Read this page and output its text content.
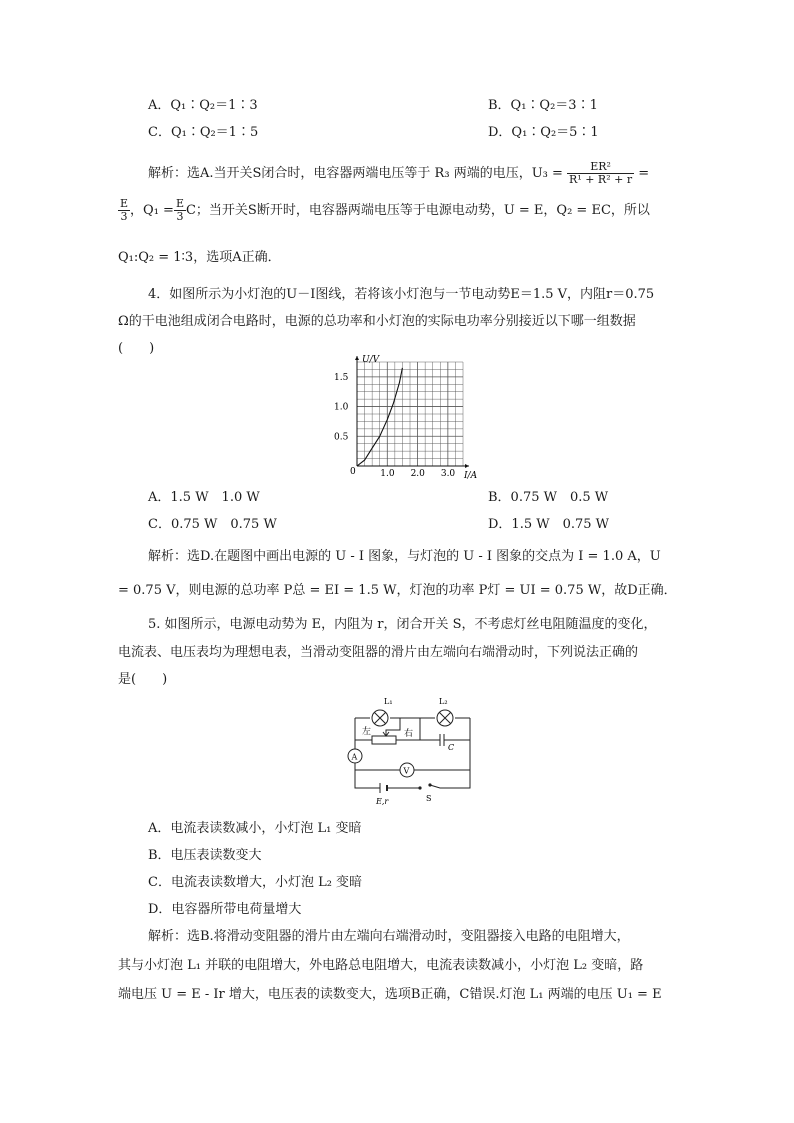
A．Q₁∶Q₂＝1∶3	B．Q₁∶Q₂＝3∶1
C．Q₁∶Q₂＝1∶5	D．Q₁∶Q₂＝5∶1
解析：选A.当开关S闭合时，电容器两端电压等于 R₃ 两端的电压，$U_3 = \frac{\text{ER²}}{\text{R¹ + R² + r}}$ =
$\frac{E}{3}$ ，$Q_1 = \frac{E}{3}$ C；当开关S断开时，电容器两端电压等于电源电动势，U = E，Q₂ = EC，所以
Q₁:Q₂ = 1∶3，选项A正确．
4．如图所示为小灯泡的U－I图线，若将该小灯泡与一节电动势E＝1.5 V，内阻r＝0.75
Ω的干电池组成闭合电路时，电源的总功率和小灯泡的实际电功率分别接近以下哪一组数据
(　　)
1.0 2.0 3.0
0.5
1.0
1.5
U/V
I/A
0
A．1.5 W　1.0 W	B．0.75 W　0.5 W
C．0.75 W　0.75 W	D．1.5 W　0.75 W
解析：选D.在题图中画出电源的 U - I 图象，与灯泡的 U - I 图象的交点为 I = 1.0 A，U
= 0.75 V，则电源的总功率 P总 = EI = 1.5 W，灯泡的功率 P灯 = UI = 0.75 W，故D正确．
5. 如图所示，电源电动势为 E，内阻为 r，闭合开关 S，不考虑灯丝电阻随温度的变化，
电流表、电压表均为理想电表，当滑动变阻器的滑片由左端向右端滑动时，下列说法正确的
是(　　)
L₁	L₂
左	右
C
A
V
E,r	S
A．电流表读数减小，小灯泡 L₁ 变暗
B．电压表读数变大
C．电流表读数增大，小灯泡 L₂ 变暗
D．电容器所带电荷量增大
解析：选B.将滑动变阻器的滑片由左端向右端滑动时，变阻器接入电路的电阻增大，
其与小灯泡 L₁ 并联的电阻增大，外电路总电阻增大，电流表读数减小，小灯泡 L₂ 变暗，路
端电压 U = E - Ir 增大，电压表的读数变大，选项B正确，C错误.灯泡 L₁ 两端的电压 U₁ = E
